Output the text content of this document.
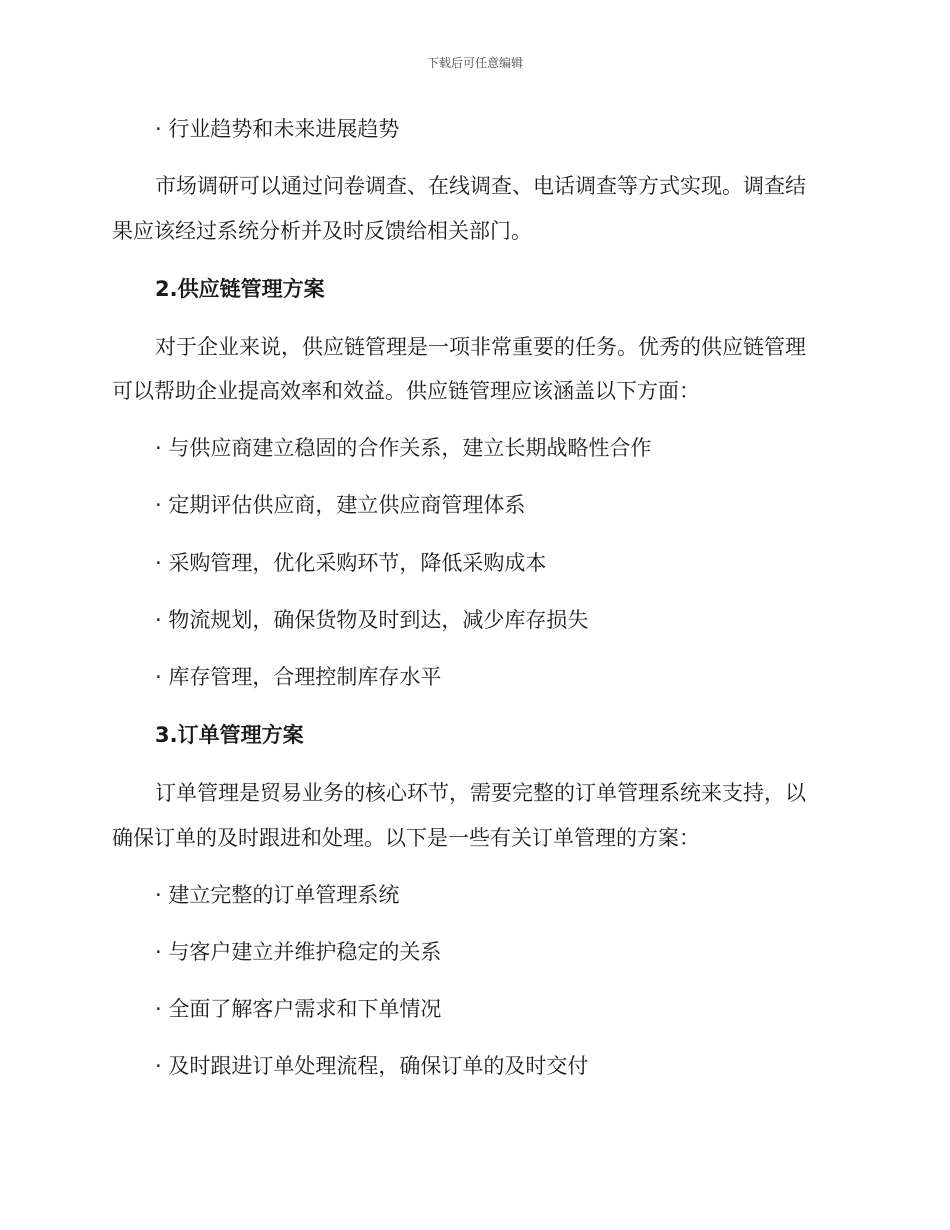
下载后可任意编辑
· 行业趋势和未来进展趋势
市场调研可以通过问卷调查、在线调查、电话调查等方式实现。调查结
果应该经过系统分析并及时反馈给相关部门。
2.供应链管理方案
对于企业来说，供应链管理是一项非常重要的任务。优秀的供应链管理
可以帮助企业提高效率和效益。供应链管理应该涵盖以下方面：
· 与供应商建立稳固的合作关系，建立长期战略性合作
· 定期评估供应商，建立供应商管理体系
· 采购管理，优化采购环节，降低采购成本
· 物流规划，确保货物及时到达，减少库存损失
· 库存管理，合理控制库存水平
3.订单管理方案
订单管理是贸易业务的核心环节，需要完整的订单管理系统来支持，以
确保订单的及时跟进和处理。以下是一些有关订单管理的方案：
· 建立完整的订单管理系统
· 与客户建立并维护稳定的关系
· 全面了解客户需求和下单情况
· 及时跟进订单处理流程，确保订单的及时交付
